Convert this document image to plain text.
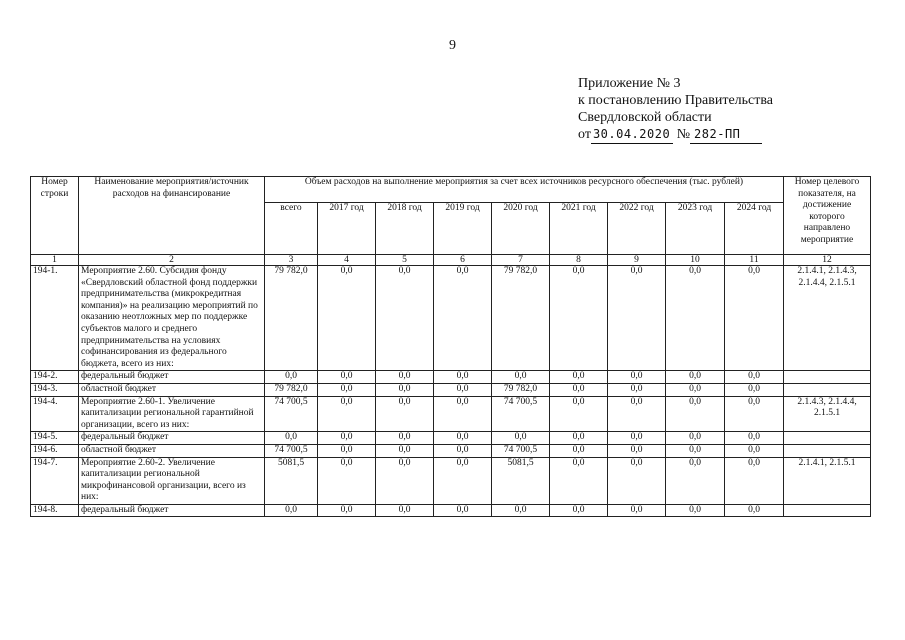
9
Приложение № 3
к постановлению Правительства
Свердловской области
от 30.04.2020 № 282-ПП
Номер строки	Наименование мероприятия/источник расходов на финансирование	Объем расходов на выполнение мероприятия за счет всех источников ресурсного обеспечения (тыс. рублей)									Номер целевого показателя, на достижение которого направлено мероприятие
		всего	2017 год	2018 год	2019 год	2020 год	2021 год	2022 год	2023 год	2024 год	
1	2	3	4	5	6	7	8	9	10	11	12
194-1.	Мероприятие 2.60. Субсидия фонду «Свердловский областной фонд поддержки предпринимательства (микрокредитная компания)» на реализацию мероприятий по оказанию неотложных мер по поддержке субъектов малого и среднего предпринимательства на условиях софинансирования из федерального бюджета, всего из них:	79 782,0	0,0	0,0	0,0	79 782,0	0,0	0,0	0,0	0,0	2.1.4.1, 2.1.4.3, 2.1.4.4, 2.1.5.1
194-2.	федеральный бюджет	0,0	0,0	0,0	0,0	0,0	0,0	0,0	0,0	0,0	
194-3.	областной бюджет	79 782,0	0,0	0,0	0,0	79 782,0	0,0	0,0	0,0	0,0	
194-4.	Мероприятие 2.60-1. Увеличение капитализации региональной гарантийной организации, всего из них:	74 700,5	0,0	0,0	0,0	74 700,5	0,0	0,0	0,0	0,0	2.1.4.3, 2.1.4.4, 2.1.5.1
194-5.	федеральный бюджет	0,0	0,0	0,0	0,0	0,0	0,0	0,0	0,0	0,0	
194-6.	областной бюджет	74 700,5	0,0	0,0	0,0	74 700,5	0,0	0,0	0,0	0,0	
194-7.	Мероприятие 2.60-2. Увеличение капитализации региональной микрофинансовой организации, всего из них:	5081,5	0,0	0,0	0,0	5081,5	0,0	0,0	0,0	0,0	2.1.4.1, 2.1.5.1
194-8.	федеральный бюджет	0,0	0,0	0,0	0,0	0,0	0,0	0,0	0,0	0,0	
